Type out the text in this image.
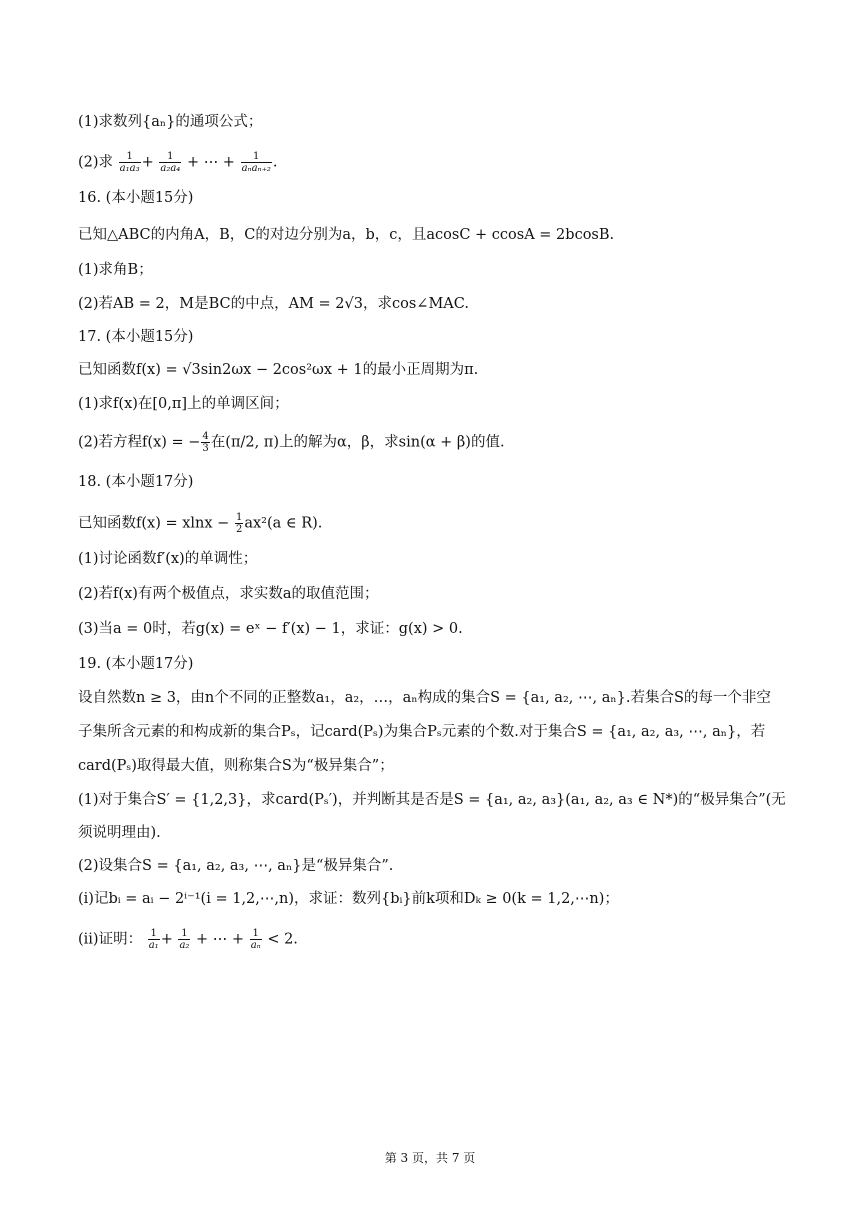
(1)求数列{aₙ}的通项公式；
(2)求 $\frac{1}{\text{a₁a₃}} + \frac{1}{\text{a₂a₄}}$ + ⋯ + $\frac{1}{\text{aₙaₙ₊₂}}$ .
16. (本小题15分)
已知△ABC的内角A，B，C的对边分别为a，b，c，且acosC + ccosA = 2bcosB.
(1)求角B；
(2)若AB = 2，M是BC的中点，AM = 2√3，求cos∠MAC.
17. (本小题15分)
已知函数f(x) = √3sin2ωx − 2cos²ωx + 1的最小正周期为π.
(1)求f(x)在[0,π]上的单调区间；
(2)若方程f(x) = − $\frac{4}{3}$ 在(π/2, π)上的解为α，β，求sin(α + β)的值.
18. (本小题17分)
已知函数$f(x) = xlnx - \frac{1}{2} ax^2(a$ ∈ R).
(1)讨论函数f′(x)的单调性；
(2)若f(x)有两个极值点，求实数a的取值范围；
(3)当a = 0时，若g(x) = eˣ − f′(x) − 1，求证：g(x) > 0.
19. (本小题17分)
设自然数n ≥ 3，由n个不同的正整数a₁，a₂，…，aₙ构成的集合S = {a₁, a₂, ⋯, aₙ}.若集合S的每一个非空
子集所含元素的和构成新的集合Pₛ，记card(Pₛ)为集合Pₛ元素的个数.对于集合S = {a₁, a₂, a₃, ⋯, aₙ}，若
card(Pₛ)取得最大值，则称集合S为“极异集合”；
(1)对于集合S′ = {1,2,3}，求card(Pₛ′)，并判断其是否是S = {a₁, a₂, a₃}(a₁, a₂, a₃ ∈ N*)的“极异集合”(无
须说明理由).
(2)设集合S = {a₁, a₂, a₃, ⋯, aₙ}是“极异集合”.
(i)记bᵢ = aᵢ − 2ⁱ⁻¹(i = 1,2,⋯,n)，求证：数列{bᵢ}前k项和Dₖ ≥ 0(k = 1,2,⋯n)；
(ii)证明： $\frac{1}{\text{a₁}} + \frac{1}{\text{a₂}}$ + ⋯ + $\frac{1}{\text{aₙ}} < 2$.
第 3 页，共 7 页
